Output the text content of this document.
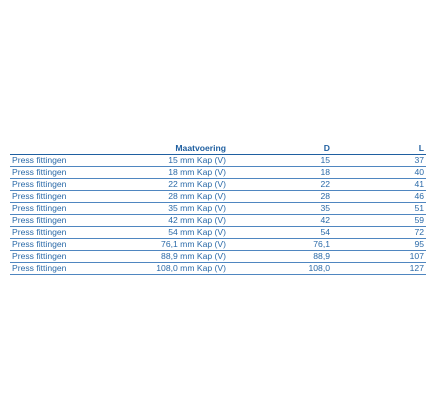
	Maatvoering	D	L
Press fittingen	15 mm Kap (V)	15	37
Press fittingen	18 mm Kap (V)	18	40
Press fittingen	22 mm Kap (V)	22	41
Press fittingen	28 mm Kap (V)	28	46
Press fittingen	35 mm Kap (V)	35	51
Press fittingen	42 mm Kap (V)	42	59
Press fittingen	54 mm Kap (V)	54	72
Press fittingen	76,1 mm Kap (V)	76,1	95
Press fittingen	88,9 mm Kap (V)	88,9	107
Press fittingen	108,0 mm Kap (V)	108,0	127
